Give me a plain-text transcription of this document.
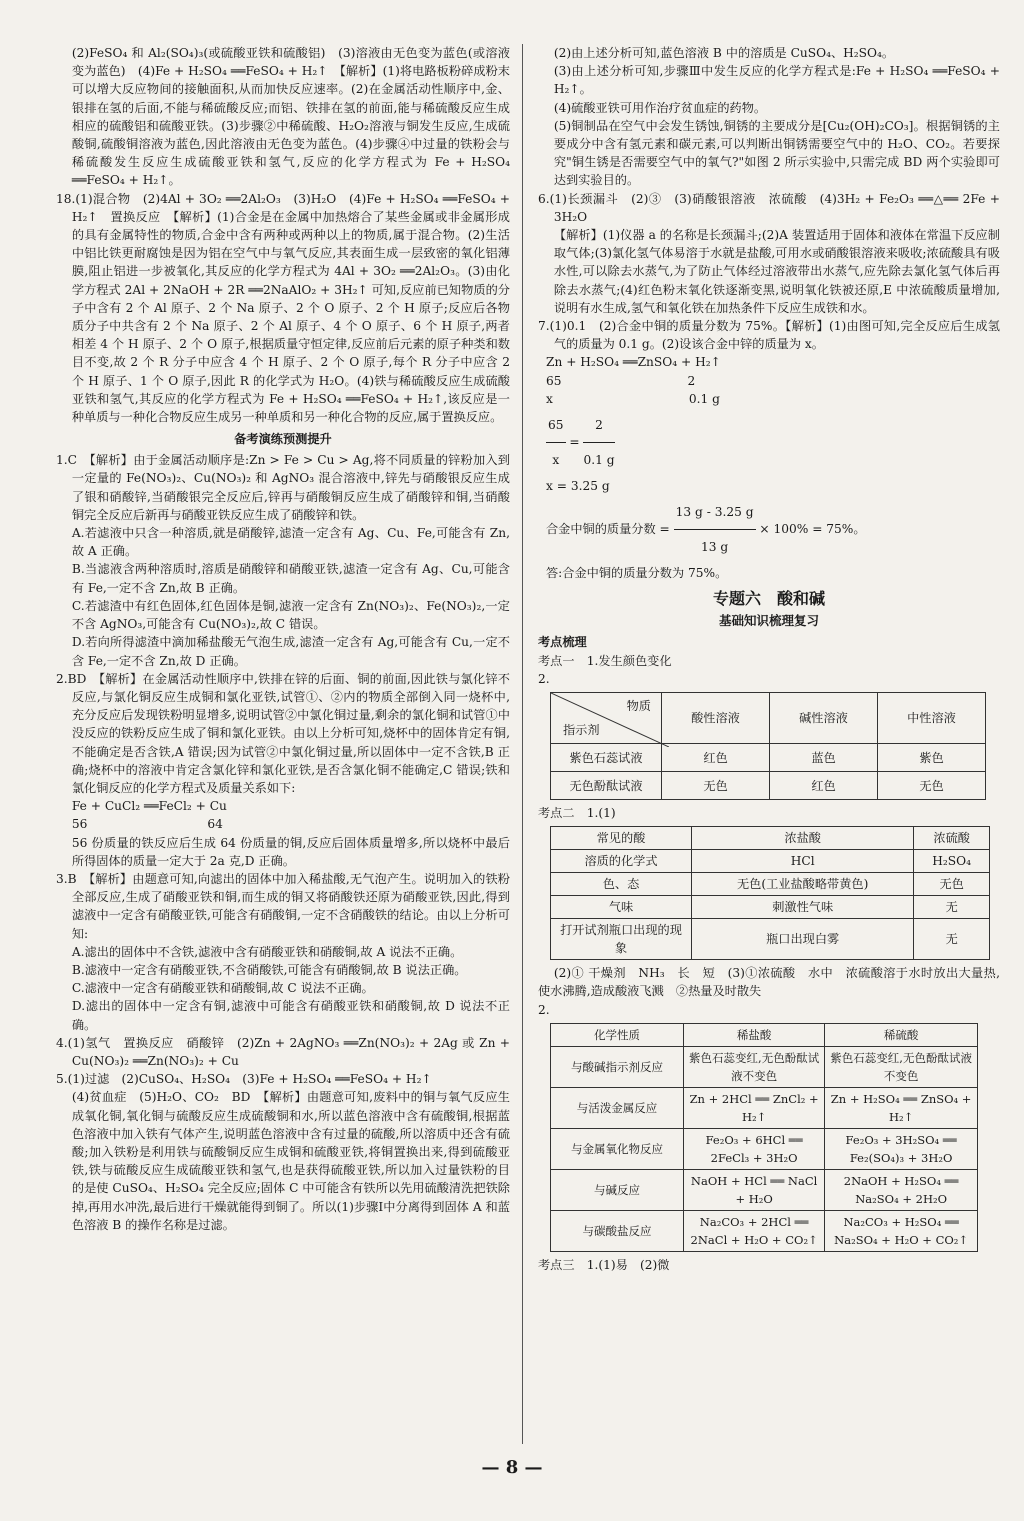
(2)FeSO₄ 和 Al₂(SO₄)₃(或硫酸亚铁和硫酸铝)　(3)溶液由无色变为蓝色(或溶液变为蓝色)　(4)Fe + H₂SO₄ ══FeSO₄ + H₂↑　【解析】(1)将电路板粉碎成粉末可以增大反应物间的接触面积,从而加快反应速率。(2)在金属活动性顺序中,金、银排在氢的后面,不能与稀硫酸反应;而铝、铁排在氢的前面,能与稀硫酸反应生成相应的硫酸铝和硫酸亚铁。(3)步骤②中稀硫酸、H₂O₂溶液与铜发生反应,生成硫酸铜,硫酸铜溶液为蓝色,因此溶液由无色变为蓝色。(4)步骤④中过量的铁粉会与稀硫酸发生反应生成硫酸亚铁和氢气,反应的化学方程式为 Fe + H₂SO₄ ══FeSO₄ + H₂↑。

18.(1)混合物　(2)4Al + 3O₂ ══2Al₂O₃　(3)H₂O　(4)Fe + H₂SO₄ ══FeSO₄ + H₂↑　置换反应　【解析】(1)合金是在金属中加热熔合了某些金属或非金属形成的具有金属特性的物质,合金中含有两种或两种以上的物质,属于混合物。(2)生活中铝比铁更耐腐蚀是因为铝在空气中与氧气反应,其表面生成一层致密的氧化铝薄膜,阻止铝进一步被氧化,其反应的化学方程式为 4Al + 3O₂ ══2Al₂O₃。(3)由化学方程式 2Al + 2NaOH + 2R ══2NaAlO₂ + 3H₂↑ 可知,反应前已知物质的分子中含有 2 个 Al 原子、2 个 Na 原子、2 个 O 原子、2 个 H 原子;反应后各物质分子中共含有 2 个 Na 原子、2 个 Al 原子、4 个 O 原子、6 个 H 原子,两者相差 4 个 H 原子、2 个 O 原子,根据质量守恒定律,反应前后元素的原子种类和数目不变,故 2 个 R 分子中应含 4 个 H 原子、2 个 O 原子,每个 R 分子中应含 2 个 H 原子、1 个 O 原子,因此 R 的化学式为 H₂O。(4)铁与稀硫酸反应生成硫酸亚铁和氢气,其反应的化学方程式为 Fe + H₂SO₄ ══FeSO₄ + H₂↑,该反应是一种单质与一种化合物反应生成另一种单质和另一种化合物的反应,属于置换反应。

备考演练预测提升

1.C　【解析】由于金属活动顺序是:Zn > Fe > Cu > Ag,将不同质量的锌粉加入到一定量的 Fe(NO₃)₂、Cu(NO₃)₂ 和 AgNO₃ 混合溶液中,锌先与硝酸银反应生成了银和硝酸锌,当硝酸银完全反应后,锌再与硝酸铜反应生成了硝酸锌和铜,当硝酸铜完全反应后新再与硝酸亚铁反应生成了硝酸锌和铁。

A.若滤液中只含一种溶质,就是硝酸锌,滤渣一定含有 Ag、Cu、Fe,可能含有 Zn,故 A 正确。

B.当滤液含两种溶质时,溶质是硝酸锌和硝酸亚铁,滤渣一定含有 Ag、Cu,可能含有 Fe,一定不含 Zn,故 B 正确。

C.若滤渣中有红色固体,红色固体是铜,滤液一定含有 Zn(NO₃)₂、Fe(NO₃)₂,一定不含 AgNO₃,可能含有 Cu(NO₃)₂,故 C 错误。

D.若向所得滤渣中滴加稀盐酸无气泡生成,滤渣一定含有 Ag,可能含有 Cu,一定不含 Fe,一定不含 Zn,故 D 正确。

2.BD　【解析】在金属活动性顺序中,铁排在锌的后面、铜的前面,因此铁与氯化锌不反应,与氯化铜反应生成铜和氯化亚铁,试管①、②内的物质全部倒入同一烧杯中,充分反应后发现铁粉明显增多,说明试管②中氯化铜过量,剩余的氯化铜和试管①中没反应的铁粉反应生成了铜和氯化亚铁。由以上分析可知,烧杯中的固体肯定有铜,不能确定是否含铁,A 错误;因为试管②中氯化铜过量,所以固体中一定不含铁,B 正确;烧杯中的溶液中肯定含氯化锌和氯化亚铁,是否含氯化铜不能确定,C 错误;铁和氯化铜反应的化学方程式及质量关系如下:

Fe + CuCl₂ ══FeCl₂ + Cu

56	64

56 份质量的铁反应后生成 64 份质量的铜,反应后固体质量增多,所以烧杯中最后所得固体的质量一定大于 2a 克,D 正确。

3.B　【解析】由题意可知,向滤出的固体中加入稀盐酸,无气泡产生。说明加入的铁粉全部反应,生成了硝酸亚铁和铜,而生成的铜又将硝酸铁还原为硝酸亚铁,因此,得到滤液中一定含有硝酸亚铁,可能含有硝酸铜,一定不含硝酸铁的结论。由以上分析可知:

A.滤出的固体中不含铁,滤液中含有硝酸亚铁和硝酸铜,故 A 说法不正确。

B.滤液中一定含有硝酸亚铁,不含硝酸铁,可能含有硝酸铜,故 B 说法正确。

C.滤液中一定含有硝酸亚铁和硝酸铜,故 C 说法不正确。

D.滤出的固体中一定含有铜,滤液中可能含有硝酸亚铁和硝酸铜,故 D 说法不正确。

4.(1)氢气　置换反应　硝酸锌　(2)Zn + 2AgNO₃ ══Zn(NO₃)₂ + 2Ag 或 Zn + Cu(NO₃)₂ ══Zn(NO₃)₂ + Cu

5.(1)过滤　(2)CuSO₄、H₂SO₄　(3)Fe + H₂SO₄ ══FeSO₄ + H₂↑

(4)贫血症　(5)H₂O、CO₂　BD　【解析】由题意可知,废料中的铜与氧气反应生成氧化铜,氧化铜与硫酸反应生成硫酸铜和水,所以蓝色溶液中含有硫酸铜,根据蓝色溶液中加入铁有气体产生,说明蓝色溶液中含有过量的硫酸,所以溶质中还含有硫酸;加入铁粉是利用铁与硫酸铜反应生成铜和硫酸亚铁,将铜置换出来,得到硫酸亚铁,铁与硫酸反应生成硫酸亚铁和氢气,也是获得硫酸亚铁,所以加入过量铁粉的目的是使 CuSO₄、H₂SO₄ 完全反应;固体 C 中可能含有铁所以先用硫酸清洗把铁除掉,再用水冲洗,最后进行干燥就能得到铜了。所以(1)步骤Ⅰ中分离得到固体 A 和蓝色溶液 B 的操作名称是过滤。

(2)由上述分析可知,蓝色溶液 B 中的溶质是 CuSO₄、H₂SO₄。

(3)由上述分析可知,步骤Ⅲ中发生反应的化学方程式是:Fe + H₂SO₄ ══FeSO₄ + H₂↑。

(4)硫酸亚铁可用作治疗贫血症的药物。

(5)铜制品在空气中会发生锈蚀,铜锈的主要成分是[Cu₂(OH)₂CO₃]。根据铜锈的主要成分中含有氢元素和碳元素,可以判断出铜锈需要空气中的 H₂O、CO₂。若要探究"铜生锈是否需要空气中的氧气?"如图 2 所示实验中,只需完成 BD 两个实验即可达到实验目的。

6.(1)长颈漏斗　(2)③　(3)硝酸银溶液　浓硫酸　(4)3H₂ + Fe₂O₃ ══△══ 2Fe + 3H₂O

【解析】(1)仪器 a 的名称是长颈漏斗;(2)A 装置适用于固体和液体在常温下反应制取气体;(3)氯化氢气体易溶于水就是盐酸,可用水或硝酸银溶液来吸收;浓硫酸具有吸水性,可以除去水蒸气,为了防止气体经过溶液带出水蒸气,应先除去氯化氢气体后再除去水蒸气;(4)红色粉末氧化铁逐渐变黑,说明氧化铁被还原,E 中浓硫酸质量增加,说明有水生成,氢气和氧化铁在加热条件下反应生成铁和水。

7.(1)0.1　(2)合金中铜的质量分数为 75%。【解析】(1)由图可知,完全反应后生成氢气的质量为 0.1 g。(2)设该合金中锌的质量为 x。

Zn + H₂SO₄ ══ZnSO₄ + H₂↑

65	2

x	0.1 g

$\frac{65}{x} = \frac{2}{0.1 g}$

x = 3.25 g

合金中铜的质量分数 = $\frac{13 g - 3.25 g}{13 g} \times 100\% = 75\%$。

答:合金中铜的质量分数为 75%。

专题六　酸和碱
基础知识梳理复习

考点梳理

考点一　1.发生颜色变化

2.

物质
指示剂	酸性溶液	碱性溶液	中性溶液
紫色石蕊试液	红色	蓝色	紫色
无色酚酞试液	无色	红色	无色

考点二　1.(1)

常见的酸	浓盐酸	浓硫酸
溶质的化学式	HCl	H₂SO₄
色、态	无色(工业盐酸略带黄色)	无色
气味	刺激性气味	无
打开试剂瓶口出现的现象	瓶口出现白雾	无

(2)① 干燥剂　NH₃　长　短　(3)①浓硫酸　水中　浓硫酸溶于水时放出大量热,使水沸腾,造成酸液飞溅　②热量及时散失

2.

化学性质	稀盐酸	稀硫酸
与酸碱指示剂反应	紫色石蕊变红,无色酚酞试液不变色	紫色石蕊变红,无色酚酞试液不变色
与活泼金属反应	Zn + 2HCl ══ ZnCl₂ + H₂↑	Zn + H₂SO₄ ══ ZnSO₄ + H₂↑
与金属氧化物反应	Fe₂O₃ + 6HCl ══ 2FeCl₃ + 3H₂O	Fe₂O₃ + 3H₂SO₄ ══ Fe₂(SO₄)₃ + 3H₂O
与碱反应	NaOH + HCl ══ NaCl + H₂O	2NaOH + H₂SO₄ ══ Na₂SO₄ + 2H₂O
与碳酸盐反应	Na₂CO₃ + 2HCl ══ 2NaCl + H₂O + CO₂↑	Na₂CO₃ + H₂SO₄ ══ Na₂SO₄ + H₂O + CO₂↑

考点三　1.(1)易　(2)微

— 8 —
